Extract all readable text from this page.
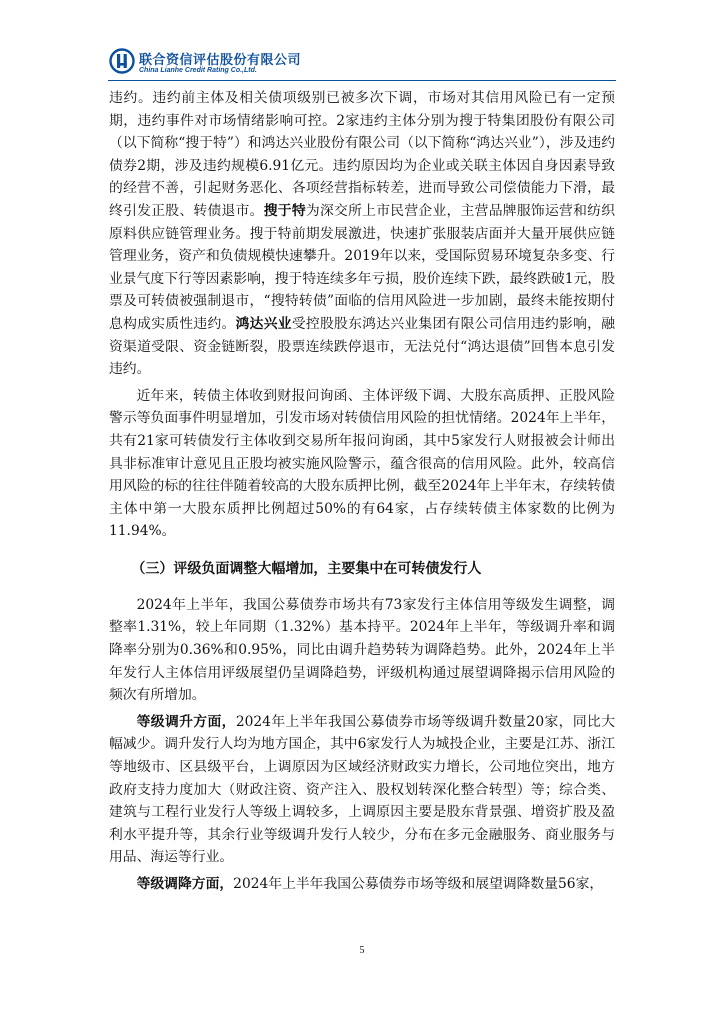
联合资信评估股份有限公司
China Lianhe Credit Rating Co.,Ltd.

违约。违约前主体及相关债项级别已被多次下调，市场对其信用风险已有一定预期，违约事件对市场情绪影响可控。2家违约主体分别为搜于特集团股份有限公司（以下简称“搜于特”）和鸿达兴业股份有限公司（以下简称“鸿达兴业”），涉及违约债券2期，涉及违约规模6.91亿元。违约原因均为企业或关联主体因自身因素导致的经营不善，引起财务恶化、各项经营指标转差，进而导致公司偿债能力下滑，最终引发正股、转债退市。搜于特为深交所上市民营企业，主营品牌服饰运营和纺织原料供应链管理业务。搜于特前期发展激进，快速扩张服装店面并大量开展供应链管理业务，资产和负债规模快速攀升。2019年以来，受国际贸易环境复杂多变、行业景气度下行等因素影响，搜于特连续多年亏损，股价连续下跌，最终跌破1元，股票及可转债被强制退市，“搜特转债”面临的信用风险进一步加剧，最终未能按期付息构成实质性违约。鸿达兴业受控股股东鸿达兴业集团有限公司信用违约影响，融资渠道受限、资金链断裂，股票连续跌停退市，无法兑付“鸿达退债”回售本息引发违约。

近年来，转债主体收到财报问询函、主体评级下调、大股东高质押、正股风险警示等负面事件明显增加，引发市场对转债信用风险的担忧情绪。2024年上半年，共有21家可转债发行主体收到交易所年报问询函，其中5家发行人财报被会计师出具非标准审计意见且正股均被实施风险警示，蕴含很高的信用风险。此外，较高信用风险的标的往往伴随着较高的大股东质押比例，截至2024年上半年末，存续转债主体中第一大股东质押比例超过50%的有64家，占存续转债主体家数的比例为11.94%。

（三）评级负面调整大幅增加，主要集中在可转债发行人

2024年上半年，我国公募债券市场共有73家发行主体信用等级发生调整，调整率1.31%，较上年同期（1.32%）基本持平。2024年上半年，等级调升率和调降率分别为0.36%和0.95%，同比由调升趋势转为调降趋势。此外，2024年上半年发行人主体信用评级展望仍呈调降趋势，评级机构通过展望调降揭示信用风险的频次有所增加。

等级调升方面，2024年上半年我国公募债券市场等级调升数量20家，同比大幅减少。调升发行人均为地方国企，其中6家发行人为城投企业，主要是江苏、浙江等地级市、区县级平台，上调原因为区域经济财政实力增长，公司地位突出，地方政府支持力度加大（财政注资、资产注入、股权划转深化整合转型）等；综合类、建筑与工程行业发行人等级上调较多，上调原因主要是股东背景强、增资扩股及盈利水平提升等，其余行业等级调升发行人较少，分布在多元金融服务、商业服务与用品、海运等行业。

等级调降方面，2024年上半年我国公募债券市场等级和展望调降数量56家，

5
